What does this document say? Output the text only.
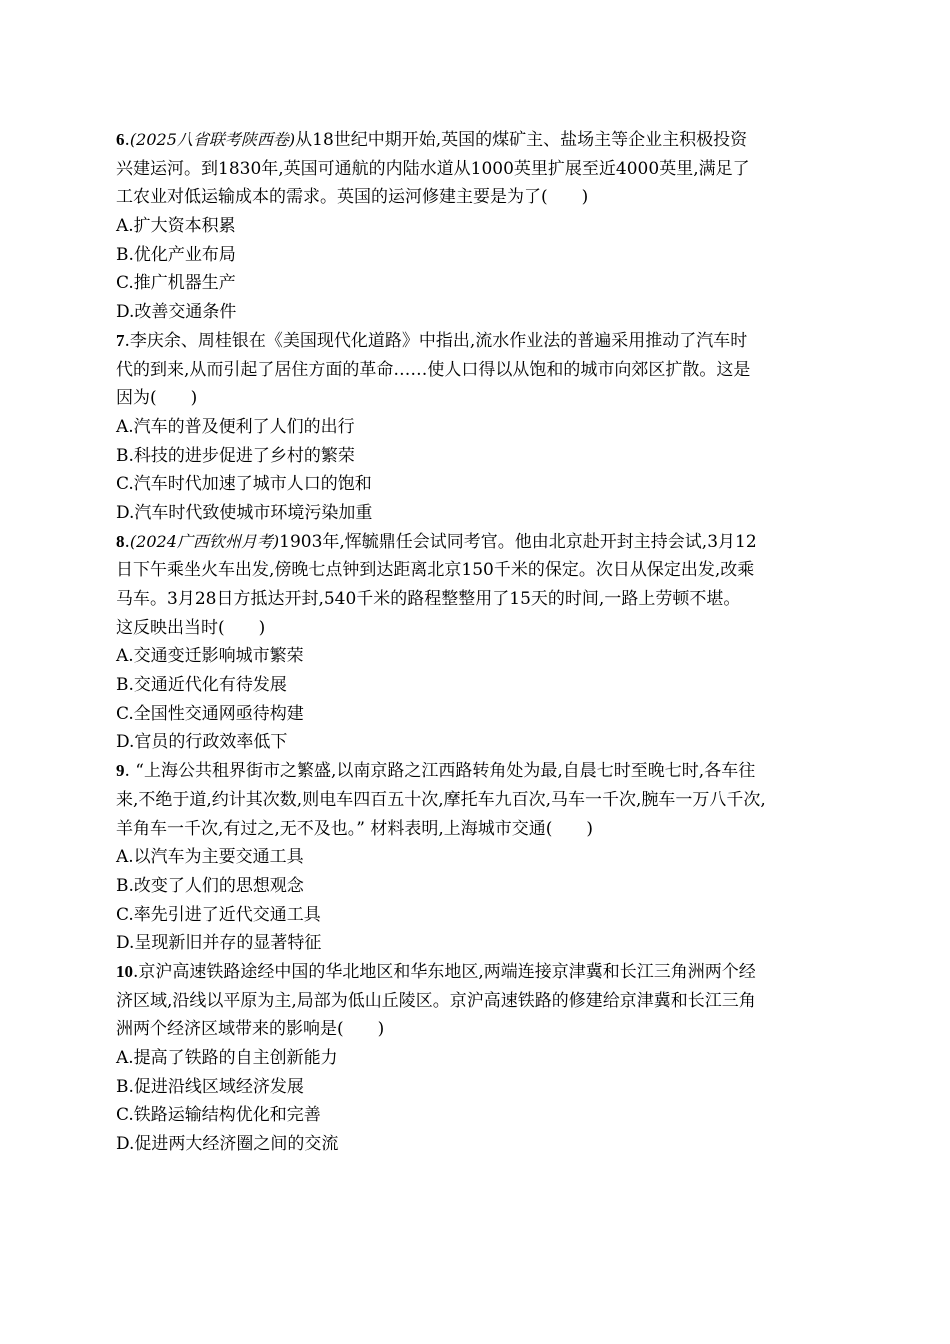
6.(2025八省联考陕西卷)从18世纪中期开始,英国的煤矿主、盐场主等企业主积极投资
兴建运河。到1830年,英国可通航的内陆水道从1000英里扩展至近4000英里,满足了
工农业对低运输成本的需求。英国的运河修建主要是为了(　　)
A.扩大资本积累
B.优化产业布局
C.推广机器生产
D.改善交通条件
7.李庆余、周桂银在《美国现代化道路》中指出,流水作业法的普遍采用推动了汽车时
代的到来,从而引起了居住方面的革命……使人口得以从饱和的城市向郊区扩散。这是
因为(　　)
A.汽车的普及便利了人们的出行
B.科技的进步促进了乡村的繁荣
C.汽车时代加速了城市人口的饱和
D.汽车时代致使城市环境污染加重
8.(2024广西钦州月考)1903年,恽毓鼎任会试同考官。他由北京赴开封主持会试,3月12
日下午乘坐火车出发,傍晚七点钟到达距离北京150千米的保定。次日从保定出发,改乘
马车。3月28日方抵达开封,540千米的路程整整用了15天的时间,一路上劳顿不堪。
这反映出当时(　　)
A.交通变迁影响城市繁荣
B.交通近代化有待发展
C.全国性交通网亟待构建
D.官员的行政效率低下
9. “上海公共租界街市之繁盛,以南京路之江西路转角处为最,自晨七时至晚七时,各车往
来,不绝于道,约计其次数,则电车四百五十次,摩托车九百次,马车一千次,腕车一万八千次,
羊角车一千次,有过之,无不及也。” 材料表明,上海城市交通(　　)
A.以汽车为主要交通工具
B.改变了人们的思想观念
C.率先引进了近代交通工具
D.呈现新旧并存的显著特征
10.京沪高速铁路途经中国的华北地区和华东地区,两端连接京津冀和长江三角洲两个经
济区域,沿线以平原为主,局部为低山丘陵区。京沪高速铁路的修建给京津冀和长江三角
洲两个经济区域带来的影响是(　　)
A.提高了铁路的自主创新能力
B.促进沿线区域经济发展
C.铁路运输结构优化和完善
D.促进两大经济圈之间的交流
